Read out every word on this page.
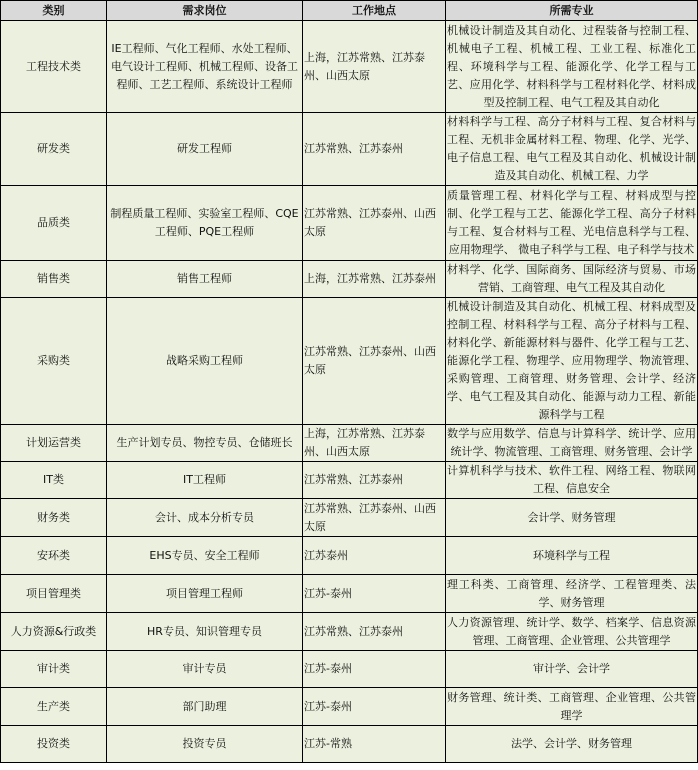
类别	需求岗位	工作地点	所需专业
工程技术类	IE工程师、气化工程师、水处工程师、电气设计工程师、机械工程师、设备工程师、工艺工程师、系统设计工程师	上海，江苏常熟、江苏泰州、山西太原	机械设计制造及其自动化、过程装备与控制工程、机械电子工程、机械工程、工业工程、标准化工程、环境科学与工程、能源化学、化学工程与工艺、应用化学、材料科学与工程材料化学、材料成型及控制工程、电气工程及其自动化
研发类	研发工程师	江苏常熟、江苏泰州	材料科学与工程、高分子材料与工程、复合材料与工程、无机非金属材料工程、物理、化学、光学、电子信息工程、电气工程及其自动化、机械设计制造及其自动化、机械工程、力学
品质类	制程质量工程师、实验室工程师、CQE工程师、PQE工程师	江苏常熟、江苏泰州、山西太原	质量管理工程、材料化学与工程、材料成型与控制、化学工程与工艺、能源化学工程、高分子材料与工程、复合材料与工程、光电信息科学与工程、应用物理学、 微电子科学与工程、电子科学与技术
销售类	销售工程师	上海，江苏常熟、江苏泰州	材料学、化学、国际商务、国际经济与贸易、市场营销、工商管理、电气工程及其自动化
采购类	战略采购工程师	江苏常熟、江苏泰州、山西太原	机械设计制造及其自动化、机械工程、材料成型及控制工程、材料科学与工程、高分子材料与工程、材料化学、新能源材料与器件、化学工程与工艺、能源化学工程、物理学、应用物理学、物流管理、采购管理、工商管理、财务管理、会计学、经济学、电气工程及其自动化、能源与动力工程、新能源科学与工程
计划运营类	生产计划专员、物控专员、仓储班长	上海，江苏常熟、江苏泰州、山西太原	数学与应用数学、信息与计算科学、统计学、应用统计学、物流管理、工商管理、财务管理、会计学
IT类	IT工程师	江苏常熟、江苏泰州	计算机科学与技术、软件工程、网络工程、物联网工程、信息安全
财务类	会计、成本分析专员	江苏常熟、江苏泰州、山西太原	会计学、财务管理
安环类	EHS专员、安全工程师	江苏泰州	环境科学与工程
项目管理类	项目管理工程师	江苏-泰州	理工科类、工商管理、经济学、工程管理类、法学、财务管理
人力资源&行政类	HR专员、知识管理专员	江苏常熟、江苏泰州	人力资源管理、统计学、数学、档案学、信息资源管理、工商管理、企业管理、公共管理学
审计类	审计专员	江苏-泰州	审计学、会计学
生产类	部门助理	江苏-泰州	财务管理、统计类、工商管理、企业管理、公共管理学
投资类	投资专员	江苏-常熟	法学、会计学、财务管理
